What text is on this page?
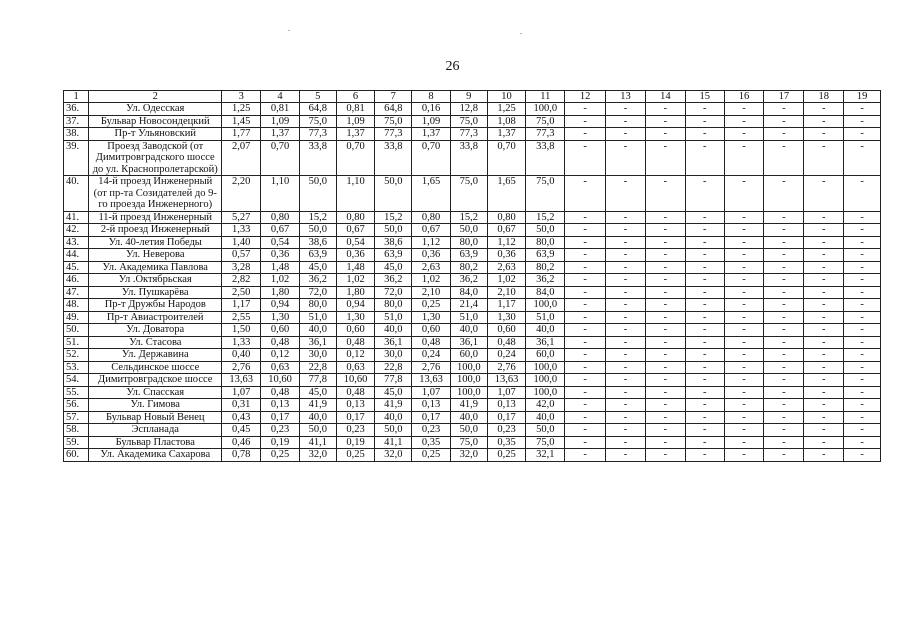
26
1	2	3	4	5	6	7	8	9	10	11	12	13	14	15	16	17	18	19
36.	Ул. Одесская	1,25	0,81	64,8	0,81	64,8	0,16	12,8	1,25	100,0	-	-	-	-	-	-	-	-
37.	Бульвар Новосондецкий	1,45	1,09	75,0	1,09	75,0	1,09	75,0	1,08	75,0	-	-	-	-	-	-	-	-
38.	Пр-т Ульяновский	1,77	1,37	77,3	1,37	77,3	1,37	77,3	1,37	77,3	-	-	-	-	-	-	-	-
39.	Проезд Заводской (от Димитровградского шоссе до ул. Краснопролетарской)	2,07	0,70	33,8	0,70	33,8	0,70	33,8	0,70	33,8	-	-	-	-	-	-	-	-
40.	14-й проезд Инженерный (от пр-та Созидателей до 9-го проезда Инженерного)	2,20	1,10	50,0	1,10	50,0	1,65	75,0	1,65	75,0	-	-	-	-	-	-	-	-
41.	11-й проезд Инженерный	5,27	0,80	15,2	0,80	15,2	0,80	15,2	0,80	15,2	-	-	-	-	-	-	-	-
42.	2-й проезд Инженерный	1,33	0,67	50,0	0,67	50,0	0,67	50,0	0,67	50,0	-	-	-	-	-	-	-	-
43.	Ул. 40-летия Победы	1,40	0,54	38,6	0,54	38,6	1,12	80,0	1,12	80,0	-	-	-	-	-	-	-	-
44.	Ул. Неверова	0,57	0,36	63,9	0,36	63,9	0,36	63,9	0,36	63,9	-	-	-	-	-	-	-	-
45.	Ул. Академика Павлова	3,28	1,48	45,0	1,48	45,0	2,63	80,2	2,63	80,2	-	-	-	-	-	-	-	-
46.	Ул .Октябрьская	2,82	1,02	36,2	1,02	36,2	1,02	36,2	1,02	36,2	-	-	-	-	-	-	-	-
47.	Ул. Пушкарёва	2,50	1,80	72,0	1,80	72,0	2,10	84,0	2,10	84,0	-	-	-	-	-	-	-	-
48.	Пр-т Дружбы Народов	1,17	0,94	80,0	0,94	80,0	0,25	21,4	1,17	100,0	-	-	-	-	-	-	-	-
49.	Пр-т Авиастроителей	2,55	1,30	51,0	1,30	51,0	1,30	51,0	1,30	51,0	-	-	-	-	-	-	-	-
50.	Ул. Доватора	1,50	0,60	40,0	0,60	40,0	0,60	40,0	0,60	40,0	-	-	-	-	-	-	-	-
51.	Ул. Стасова	1,33	0,48	36,1	0,48	36,1	0,48	36,1	0,48	36,1	-	-	-	-	-	-	-	-
52.	Ул. Державина	0,40	0,12	30,0	0,12	30,0	0,24	60,0	0,24	60,0	-	-	-	-	-	-	-	-
53.	Сельдинское шоссе	2,76	0,63	22,8	0,63	22,8	2,76	100,0	2,76	100,0	-	-	-	-	-	-	-	-
54.	Димитровградское шоссе	13,63	10,60	77,8	10,60	77,8	13,63	100,0	13,63	100,0	-	-	-	-	-	-	-	-
55.	Ул. Спасская	1,07	0,48	45,0	0,48	45,0	1,07	100,0	1,07	100,0	-	-	-	-	-	-	-	-
56.	Ул. Гимова	0,31	0,13	41,9	0,13	41,9	0,13	41,9	0,13	42,0	-	-	-	-	-	-	-	-
57.	Бульвар Новый Венец	0,43	0,17	40,0	0,17	40,0	0,17	40,0	0,17	40,0	-	-	-	-	-	-	-	-
58.	Эспланада	0,45	0,23	50,0	0,23	50,0	0,23	50,0	0,23	50,0	-	-	-	-	-	-	-	-
59.	Бульвар Пластова	0,46	0,19	41,1	0,19	41,1	0,35	75,0	0,35	75,0	-	-	-	-	-	-	-	-
60.	Ул. Академика Сахарова	0,78	0,25	32,0	0,25	32,0	0,25	32,0	0,25	32,1	-	-	-	-	-	-	-	-
